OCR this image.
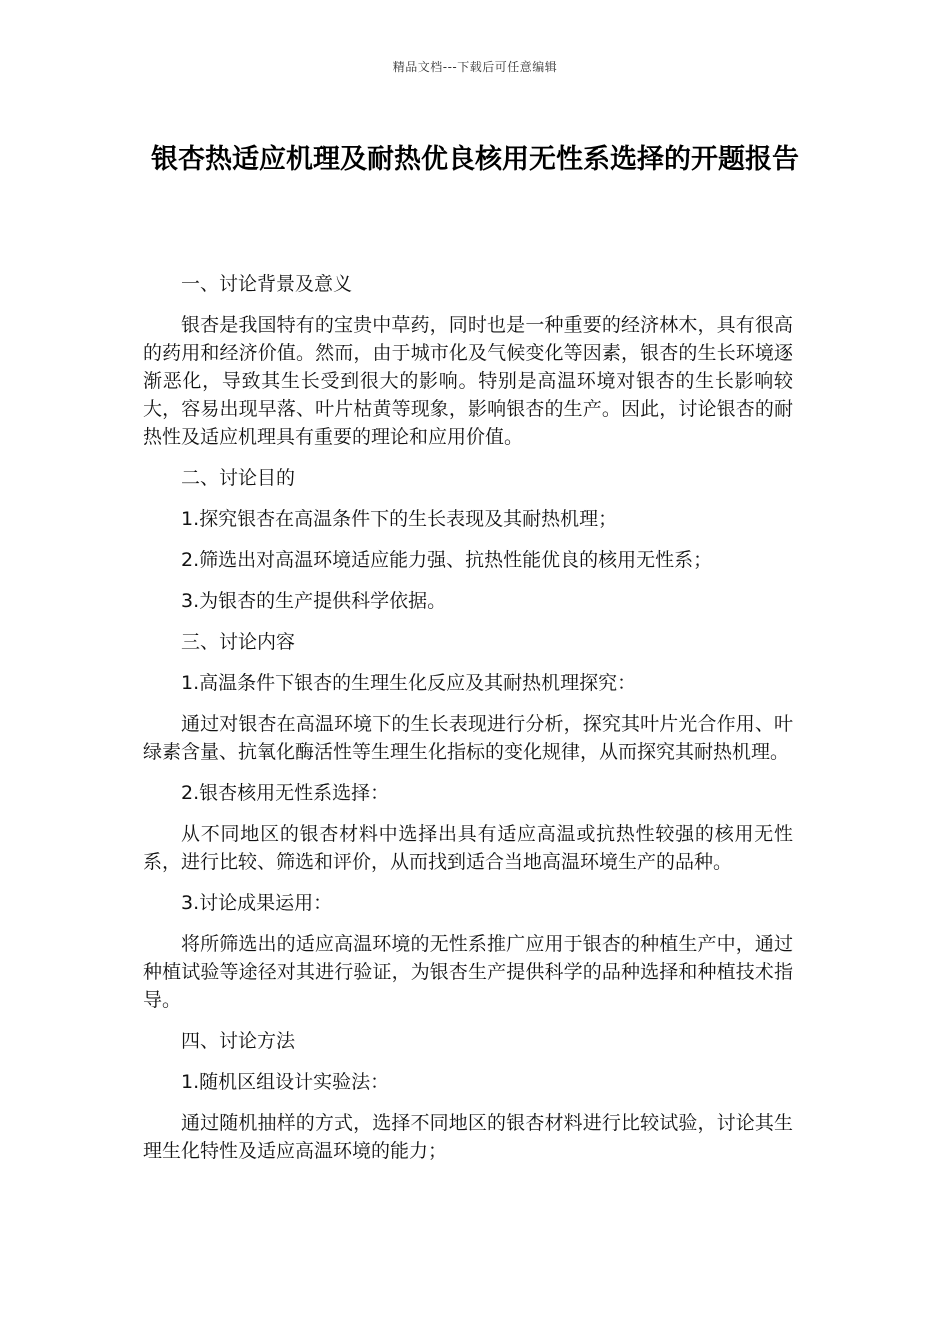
精品文档---下载后可任意编辑
银杏热适应机理及耐热优良核用无性系选择的开题报告

一、讨论背景及意义

银杏是我国特有的宝贵中草药，同时也是一种重要的经济林木，具有很高的药用和经济价值。然而，由于城市化及气候变化等因素，银杏的生长环境逐渐恶化，导致其生长受到很大的影响。特别是高温环境对银杏的生长影响较大，容易出现早落、叶片枯黄等现象，影响银杏的生产。因此，讨论银杏的耐热性及适应机理具有重要的理论和应用价值。

二、讨论目的

1.探究银杏在高温条件下的生长表现及其耐热机理；

2.筛选出对高温环境适应能力强、抗热性能优良的核用无性系；

3.为银杏的生产提供科学依据。

三、讨论内容

1.高温条件下银杏的生理生化反应及其耐热机理探究：

通过对银杏在高温环境下的生长表现进行分析，探究其叶片光合作用、叶绿素含量、抗氧化酶活性等生理生化指标的变化规律，从而探究其耐热机理。

2.银杏核用无性系选择：

从不同地区的银杏材料中选择出具有适应高温或抗热性较强的核用无性系，进行比较、筛选和评价，从而找到适合当地高温环境生产的品种。

3.讨论成果运用：

将所筛选出的适应高温环境的无性系推广应用于银杏的种植生产中，通过种植试验等途径对其进行验证，为银杏生产提供科学的品种选择和种植技术指导。

四、讨论方法

1.随机区组设计实验法：

通过随机抽样的方式，选择不同地区的银杏材料进行比较试验，讨论其生理生化特性及适应高温环境的能力；
